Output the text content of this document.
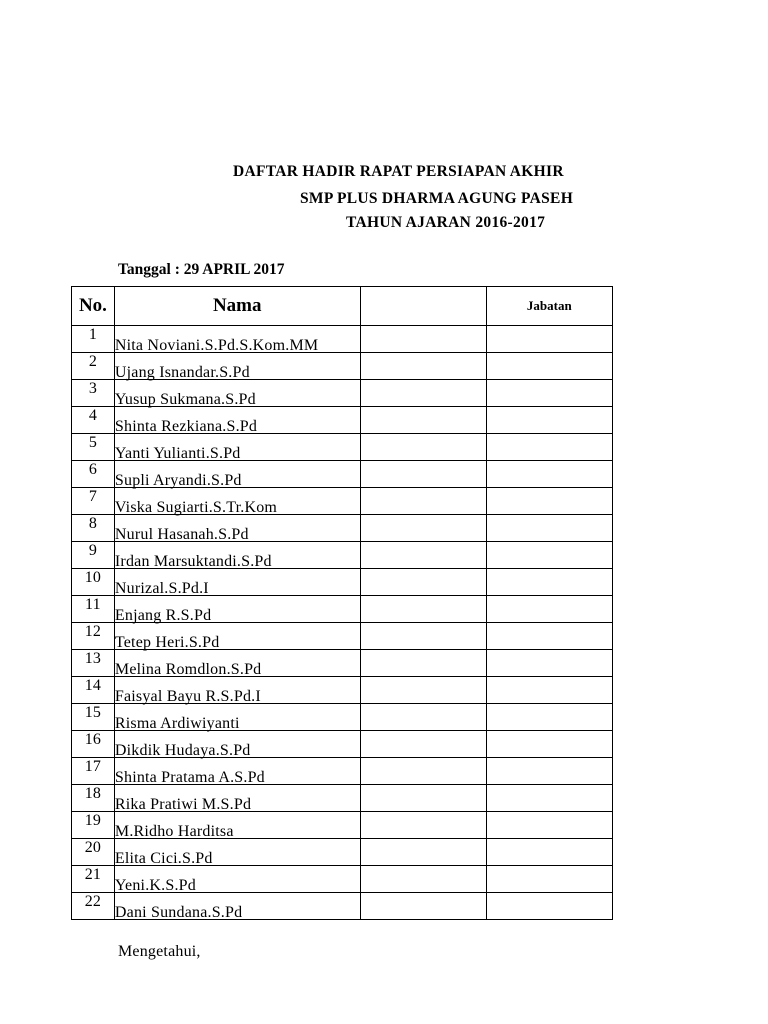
DAFTAR HADIR RAPAT PERSIAPAN AKHIR
SMP PLUS DHARMA AGUNG PASEH
TAHUN AJARAN 2016-2017
Tanggal : 29 APRIL 2017
No.	Nama		Jabatan
1	Nita Noviani.S.Pd.S.Kom.MM		
2	Ujang Isnandar.S.Pd		
3	Yusup Sukmana.S.Pd		
4	Shinta Rezkiana.S.Pd		
5	Yanti Yulianti.S.Pd		
6	Supli Aryandi.S.Pd		
7	Viska Sugiarti.S.Tr.Kom		
8	Nurul Hasanah.S.Pd		
9	Irdan Marsuktandi.S.Pd		
10	Nurizal.S.Pd.I		
11	Enjang R.S.Pd		
12	Tetep Heri.S.Pd		
13	Melina Romdlon.S.Pd		
14	Faisyal Bayu R.S.Pd.I		
15	Risma Ardiwiyanti		
16	Dikdik Hudaya.S.Pd		
17	Shinta Pratama A.S.Pd		
18	Rika Pratiwi M.S.Pd		
19	M.Ridho Harditsa		
20	Elita Cici.S.Pd		
21	Yeni.K.S.Pd		
22	Dani Sundana.S.Pd		
Mengetahui,
